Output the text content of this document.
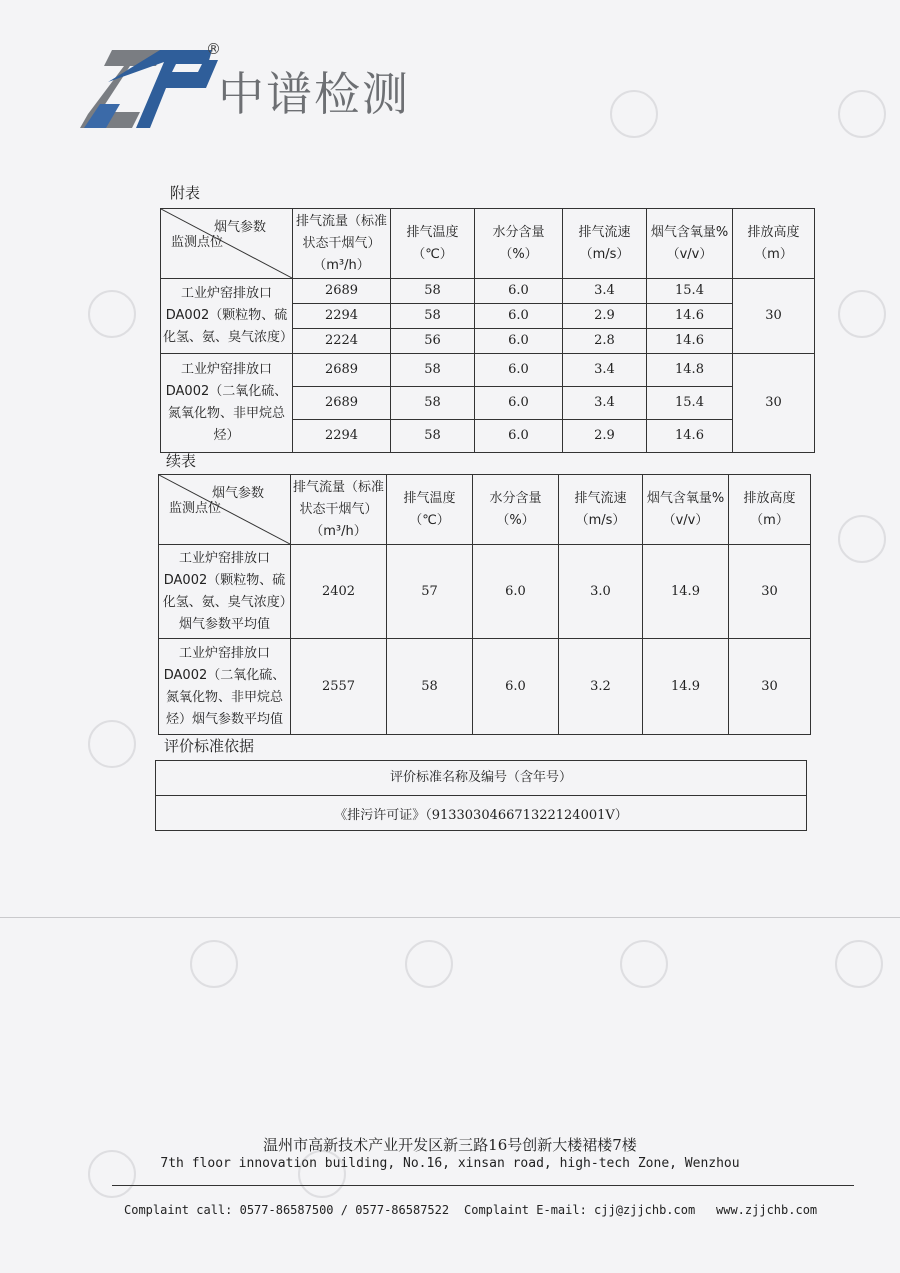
®
中谱检测
附表
烟气参数
监测点位	排气流量（标准状态干烟气）（m³/h）	排气温度（℃）	水分含量（%）	排气流速（m/s）	烟气含氧量%（v/v）	排放高度（m）
工业炉窑排放口DA002（颗粒物、硫化氢、氨、臭气浓度）	2689	58	6.0	3.4	15.4	30
	2294	58	6.0	2.9	14.6	
	2224	56	6.0	2.8	14.6	
工业炉窑排放口DA002（二氧化硫、氮氧化物、非甲烷总烃）	2689	58	6.0	3.4	14.8	30
	2689	58	6.0	3.4	15.4	
	2294	58	6.0	2.9	14.6	
续表
烟气参数
监测点位	排气流量（标准状态干烟气）（m³/h）	排气温度（℃）	水分含量（%）	排气流速（m/s）	烟气含氧量%（v/v）	排放高度（m）
工业炉窑排放口DA002（颗粒物、硫化氢、氨、臭气浓度）烟气参数平均值	2402	57	6.0	3.0	14.9	30
工业炉窑排放口DA002（二氧化硫、氮氧化物、非甲烷总烃）烟气参数平均值	2557	58	6.0	3.2	14.9	30
评价标准依据
评价标准名称及编号（含年号）
《排污许可证》（913303046671322124001V）
温州市高新技术产业开发区新三路16号创新大楼裙楼7楼
7th floor innovation building, No.16, xinsan road, high-tech Zone, Wenzhou
Complaint call: 0577-86587500 / 0577-86587522 Complaint E-mail: cjj@zjjchb.com www.zjjchb.com
